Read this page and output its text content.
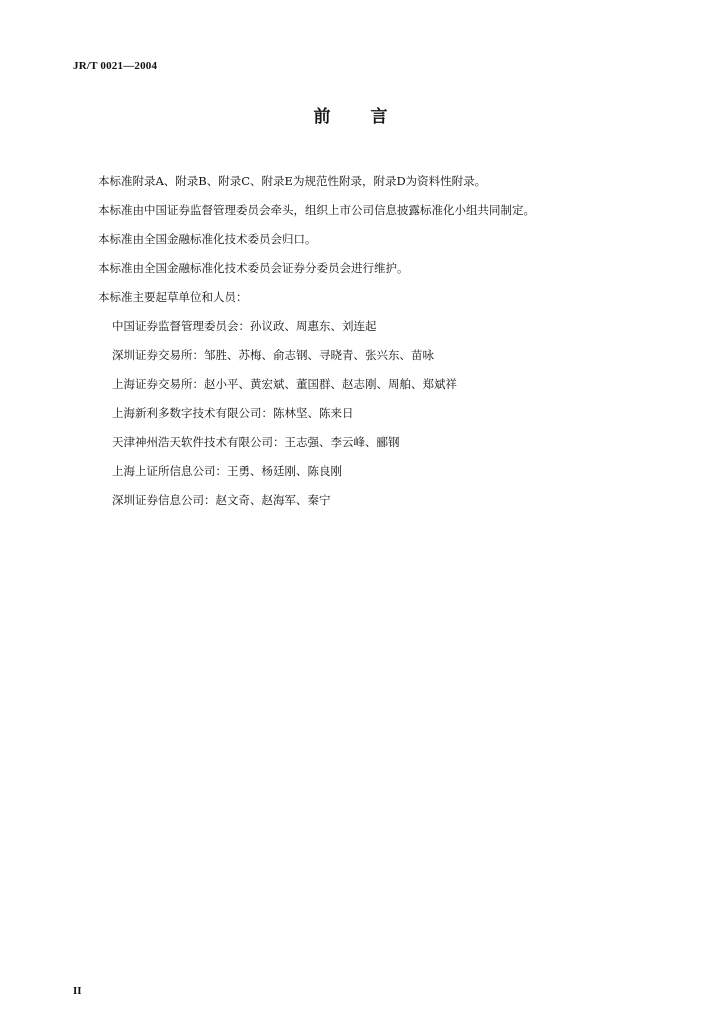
JR/T 0021—2004
前 言
本标准附录A、附录B、附录C、附录E为规范性附录，附录D为资料性附录。
本标准由中国证券监督管理委员会牵头，组织上市公司信息披露标准化小组共同制定。
本标准由全国金融标准化技术委员会归口。
本标准由全国金融标准化技术委员会证券分委员会进行维护。
本标准主要起草单位和人员：
中国证券监督管理委员会：孙议政、周惠东、刘连起
深圳证券交易所：邹胜、苏梅、俞志钢、寻晓青、张兴东、苗咏
上海证券交易所：赵小平、黄宏斌、董国群、赵志刚、周舶、郑斌祥
上海新利多数字技术有限公司：陈林坚、陈来日
天津神州浩天软件技术有限公司：王志强、李云峰、郦钢
上海上证所信息公司：王勇、杨廷刚、陈良刚
深圳证券信息公司：赵文奇、赵海军、秦宁
II
